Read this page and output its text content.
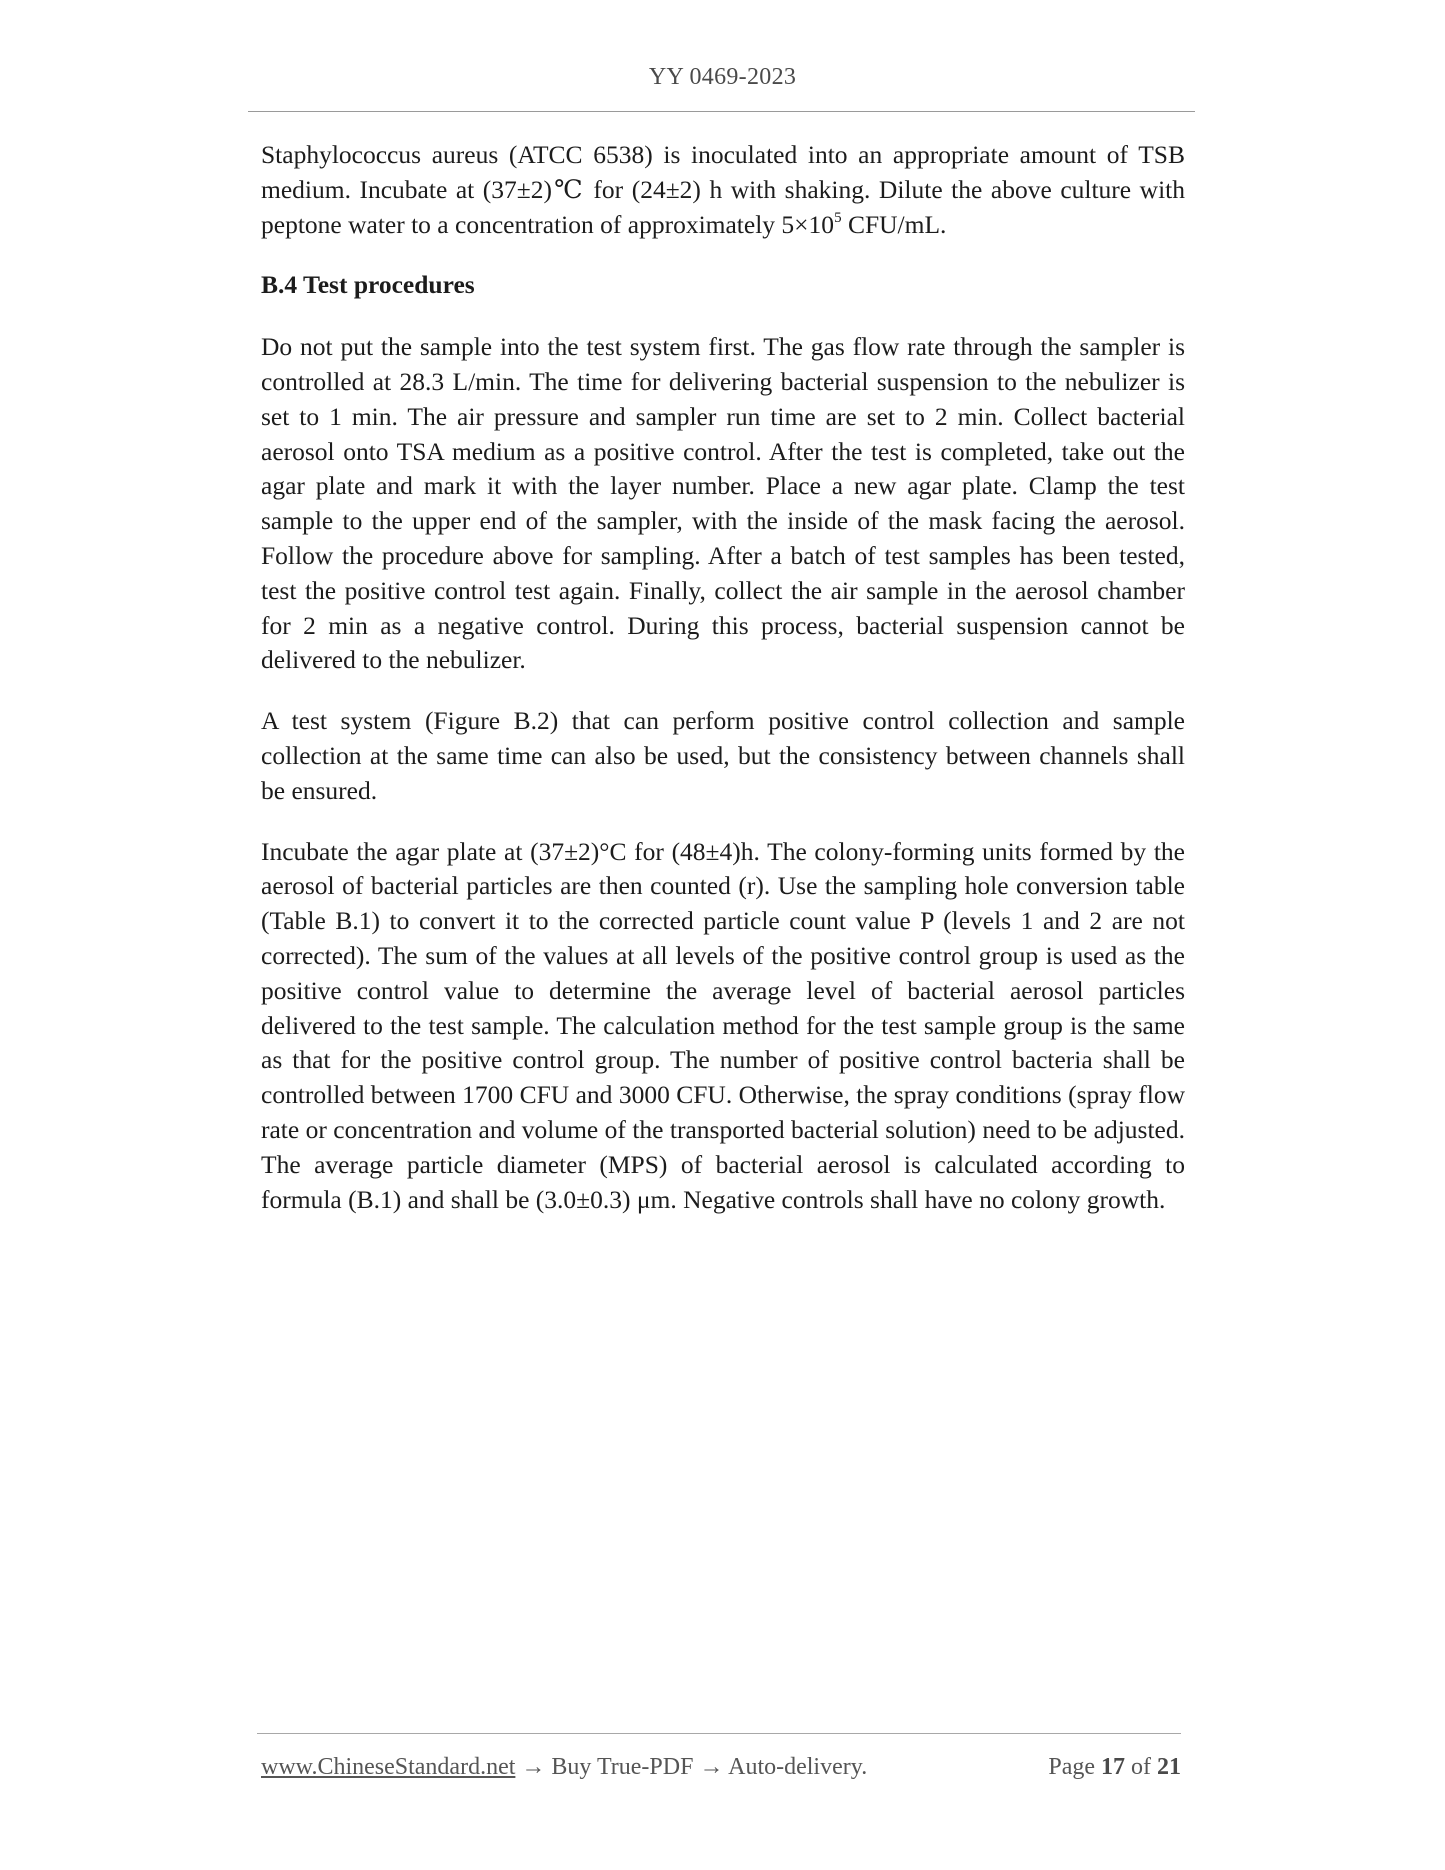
YY 0469-2023

Staphylococcus aureus (ATCC 6538) is inoculated into an appropriate amount of TSB medium. Incubate at (37±2)℃ for (24±2) h with shaking. Dilute the above culture with peptone water to a concentration of approximately $5\times 10^5$ CFU/mL.

B.4 Test procedures

Do not put the sample into the test system first. The gas flow rate through the sampler is controlled at 28.3 L/min. The time for delivering bacterial suspension to the nebulizer is set to 1 min. The air pressure and sampler run time are set to 2 min. Collect bacterial aerosol onto TSA medium as a positive control. After the test is completed, take out the agar plate and mark it with the layer number. Place a new agar plate. Clamp the test sample to the upper end of the sampler, with the inside of the mask facing the aerosol. Follow the procedure above for sampling. After a batch of test samples has been tested, test the positive control test again. Finally, collect the air sample in the aerosol chamber for 2 min as a negative control. During this process, bacterial suspension cannot be delivered to the nebulizer.

A test system (Figure B.2) that can perform positive control collection and sample collection at the same time can also be used, but the consistency between channels shall be ensured.

Incubate the agar plate at (37±2)°C for (48±4)h. The colony-forming units formed by the aerosol of bacterial particles are then counted (r). Use the sampling hole conversion table (Table B.1) to convert it to the corrected particle count value P (levels 1 and 2 are not corrected). The sum of the values at all levels of the positive control group is used as the positive control value to determine the average level of bacterial aerosol particles delivered to the test sample. The calculation method for the test sample group is the same as that for the positive control group. The number of positive control bacteria shall be controlled between 1700 CFU and 3000 CFU. Otherwise, the spray conditions (spray flow rate or concentration and volume of the transported bacterial solution) need to be adjusted. The average particle diameter (MPS) of bacterial aerosol is calculated according to formula (B.1) and shall be (3.0±0.3) μm. Negative controls shall have no colony growth.

www.ChineseStandard.net → Buy True-PDF → Auto-delivery.	Page 17 of 21
